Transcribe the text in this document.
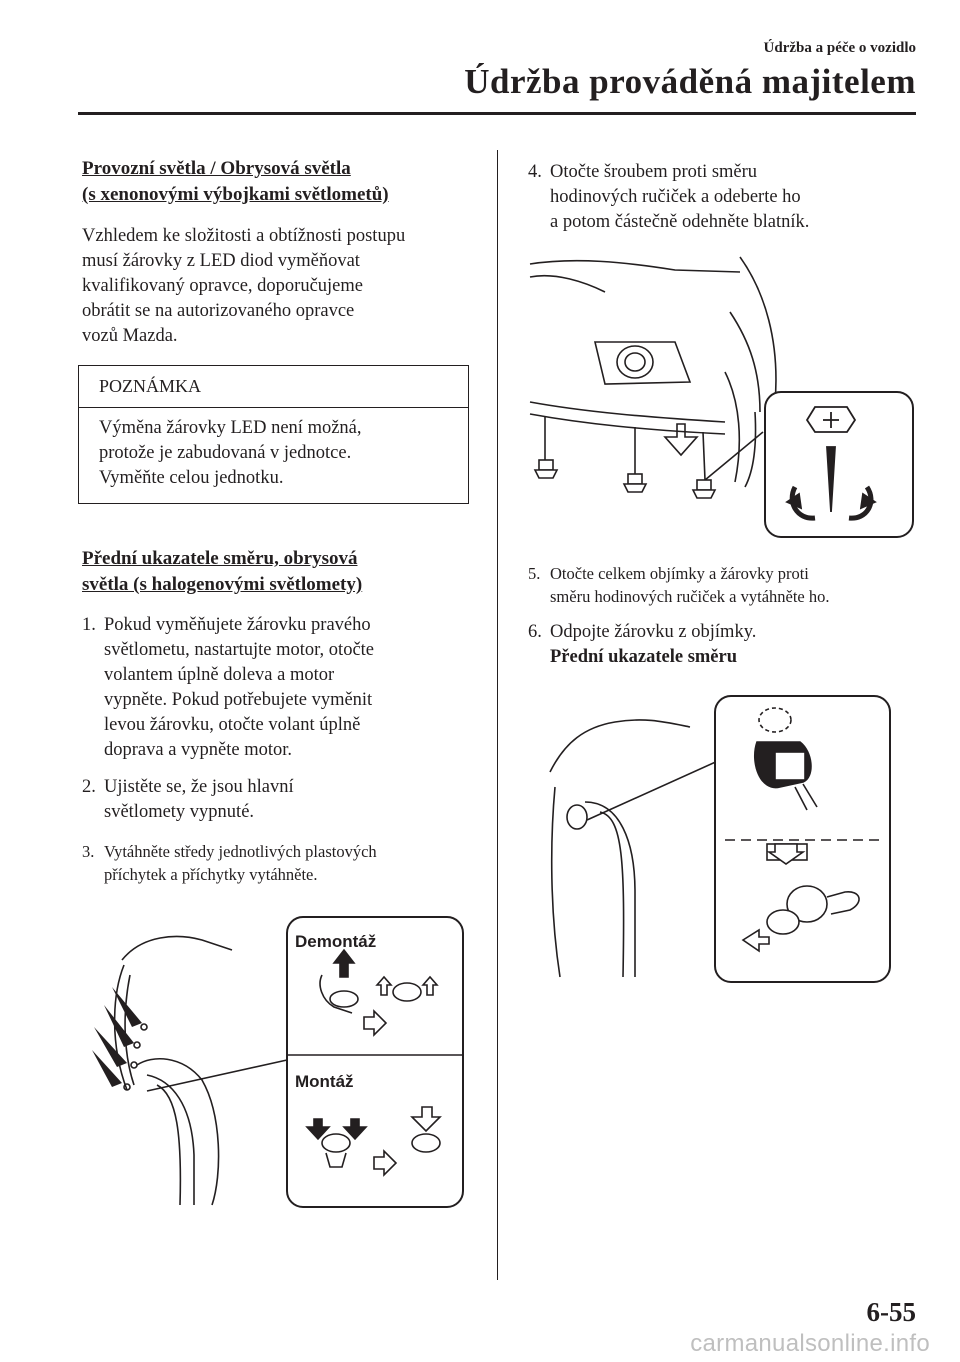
Údržba a péče o vozidlo
Údržba prováděná majitelem
Provozní světla / Obrysová světla
(s xenonovými výbojkami světlometů)
Vzhledem ke složitosti a obtížnosti postupu
musí žárovky z LED diod vyměňovat
kvalifikovaný opravce, doporučujeme
obrátit se na autorizovaného opravce
vozů Mazda.
POZNÁMKA
Výměna žárovky LED není možná,
protože je zabudovaná v jednotce.
Vyměňte celou jednotku.
Přední ukazatele směru, obrysová
světla (s halogenovými světlomety)
1. Pokud vyměňujete žárovku pravého
světlometu, nastartujte motor, otočte
volantem úplně doleva a motor
vypněte. Pokud potřebujete vyměnit
levou žárovku, otočte volant úplně
doprava a vypněte motor.
2. Ujistěte se, že jsou hlavní
světlomety vypnuté.
3. Vytáhněte středy jednotlivých plastových
příchytek a příchytky vytáhněte.
Demontáž
Montáž
4. Otočte šroubem proti směru
hodinových ručiček a odeberte ho
a potom částečně odehněte blatník.
5. Otočte celkem objímky a žárovky proti
směru hodinových ručiček a vytáhněte ho.
6. Odpojte žárovku z objímky.
Přední ukazatele směru
6-55
carmanualsonline.info
